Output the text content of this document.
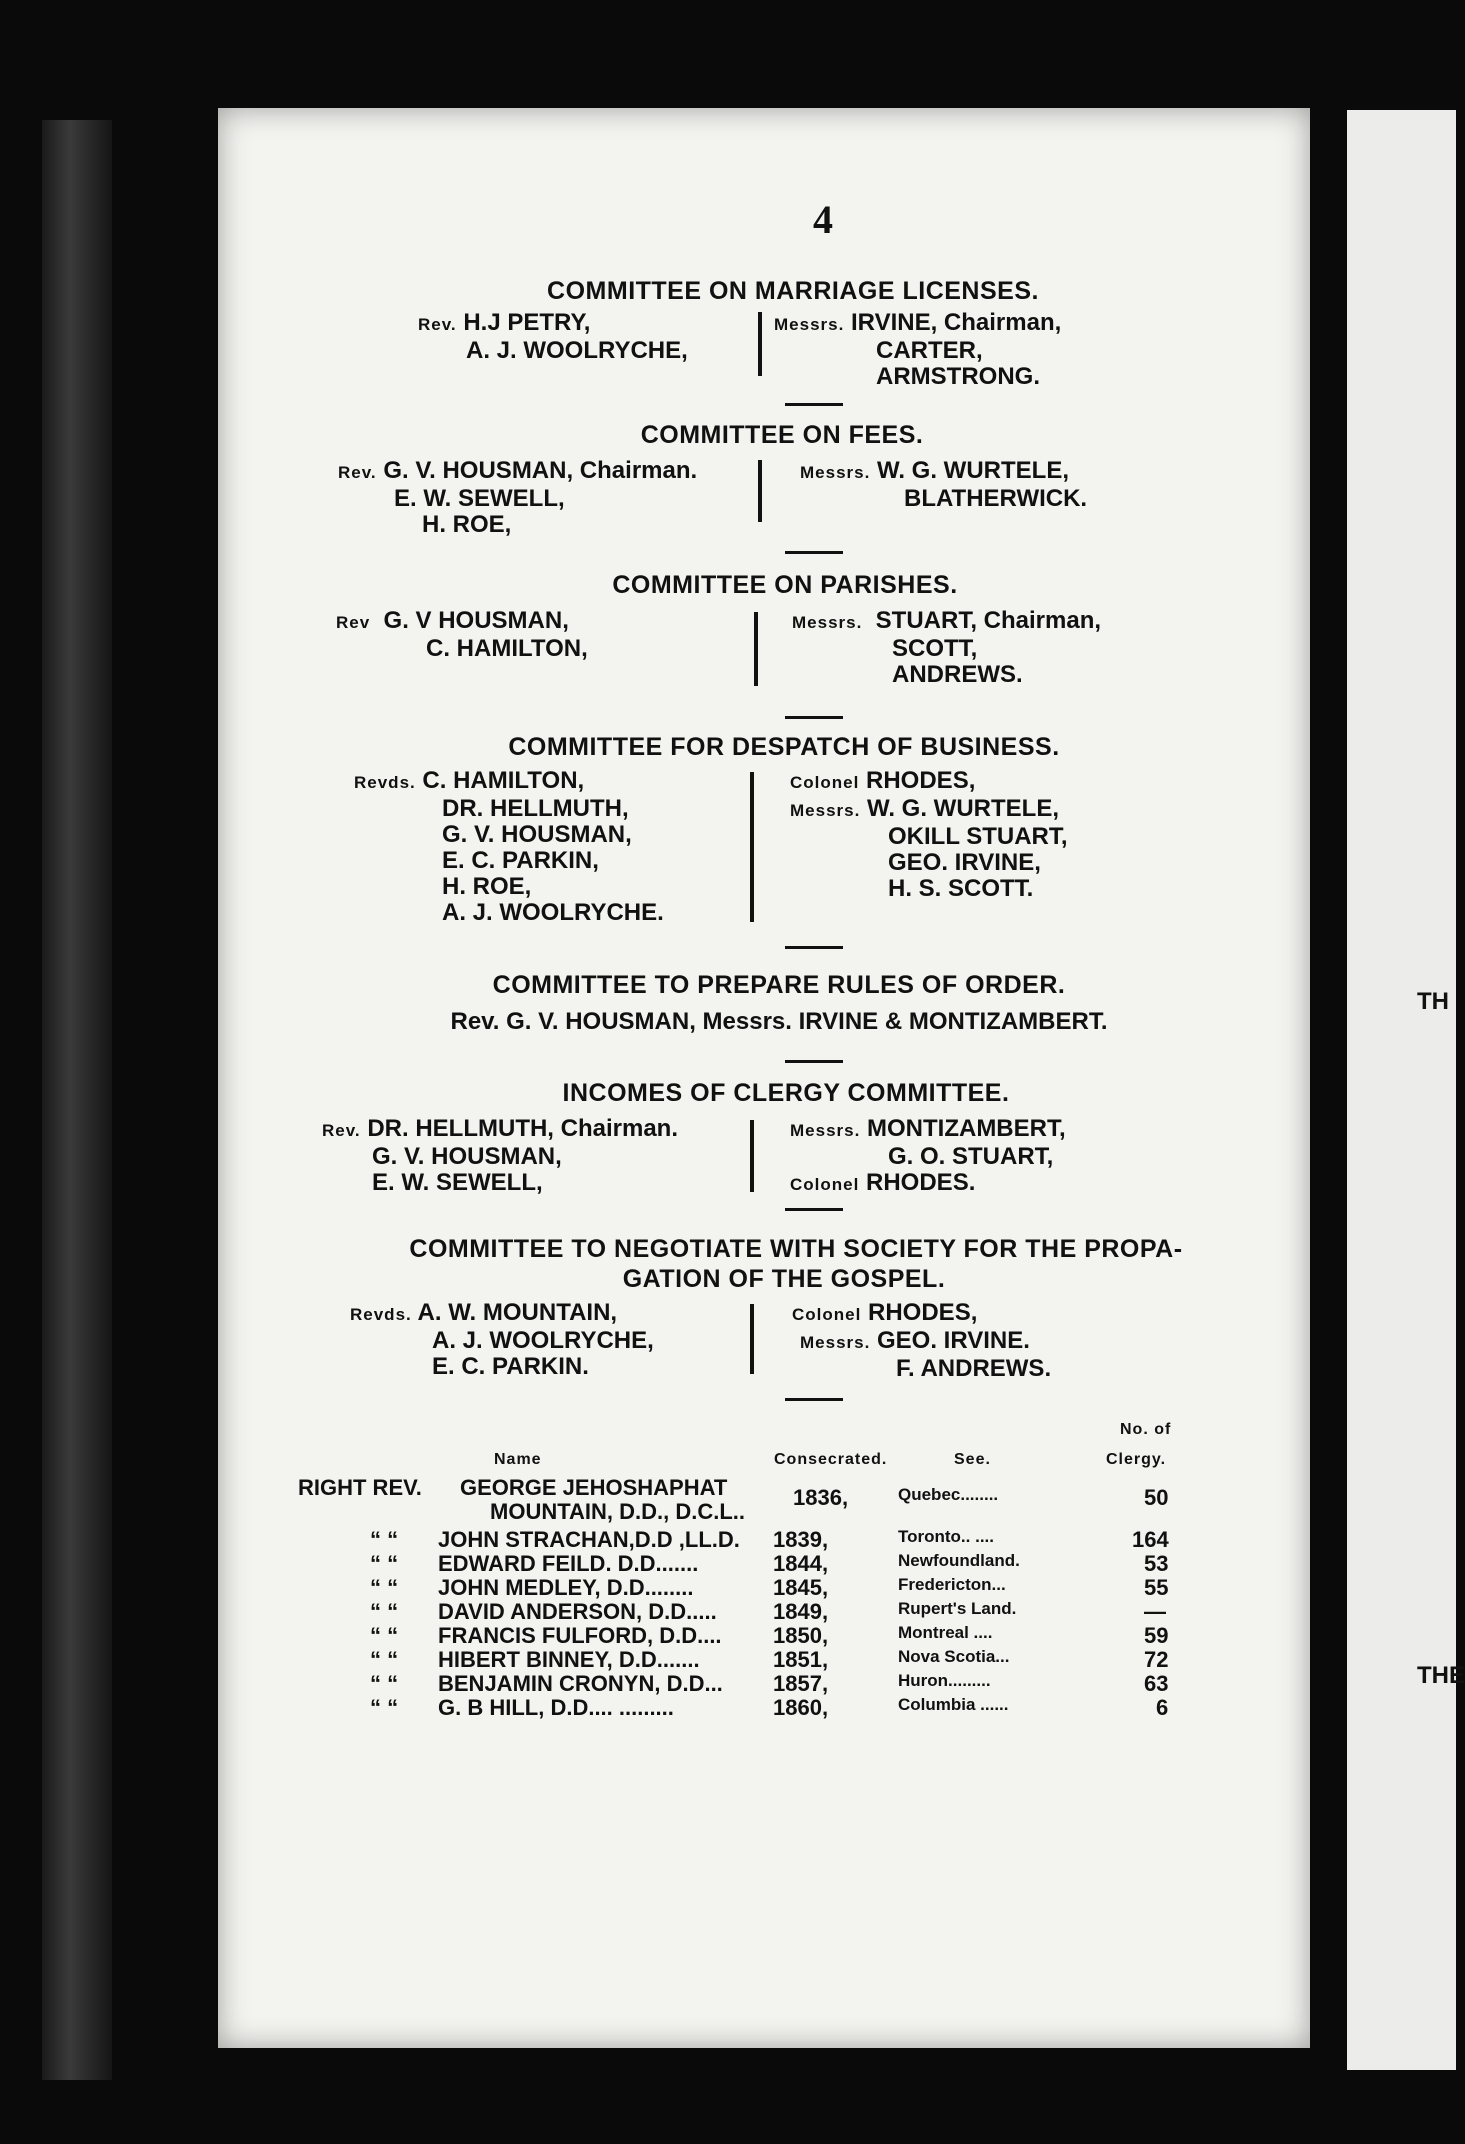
TH
THE
4
COMMITTEE ON MARRIAGE LICENSES.
Rev. H.J PETRY,
A. J. WOOLRYCHE,
Messrs. IRVINE, Chairman,
CARTER,
ARMSTRONG.
COMMITTEE ON FEES.
Rev. G. V. HOUSMAN, Chairman.
E. W. SEWELL,
H. ROE,
Messrs. W. G. WURTELE,
BLATHERWICK.
COMMITTEE ON PARISHES.
Rev G. V HOUSMAN,
C. HAMILTON,
Messrs. STUART, Chairman,
SCOTT,
ANDREWS.
COMMITTEE FOR DESPATCH OF BUSINESS.
Revds. C. HAMILTON,
DR. HELLMUTH,
G. V. HOUSMAN,
E. C. PARKIN,
H. ROE,
A. J. WOOLRYCHE.
Colonel RHODES,
Messrs. W. G. WURTELE,
OKILL STUART,
GEO. IRVINE,
H. S. SCOTT.
COMMITTEE TO PREPARE RULES OF ORDER.
Rev. G. V. HOUSMAN, Messrs. IRVINE & MONTIZAMBERT.
INCOMES OF CLERGY COMMITTEE.
Rev. DR. HELLMUTH, Chairman.
G. V. HOUSMAN,
E. W. SEWELL,
Messrs. MONTIZAMBERT,
G. O. STUART,
Colonel RHODES.
COMMITTEE TO NEGOTIATE WITH SOCIETY FOR THE PROPA-
GATION OF THE GOSPEL.
Revds. A. W. MOUNTAIN,
A. J. WOOLRYCHE,
E. C. PARKIN.
Colonel RHODES,
Messrs. GEO. IRVINE.
F. ANDREWS.
No. of
Name	Consecrated.	See.	Clergy.
RIGHT REV. GEORGE JEHOSHAPHAT	1836,	Quebec........	50
MOUNTAIN, D.D., D.C.L..
“ “ JOHN STRACHAN,D.D ,LL.D. 1839,	Toronto.. ....	164
“ “ EDWARD FEILD. D.D.......	1844,	Newfoundland.	53
“ “ JOHN MEDLEY, D.D........	1845,	Fredericton...	55
“ “ DAVID ANDERSON, D.D.....	1849,	Rupert's Land.	—
“ “ FRANCIS FULFORD, D.D.... 1850,	Montreal ....	59
“ “ HIBERT BINNEY, D.D.......	1851,	Nova Scotia...	72
“ “ BENJAMIN CRONYN, D.D... 1857,	Huron.........	63
“ “ G. B HILL, D.D.... .........	1860,	Columbia ......	6
